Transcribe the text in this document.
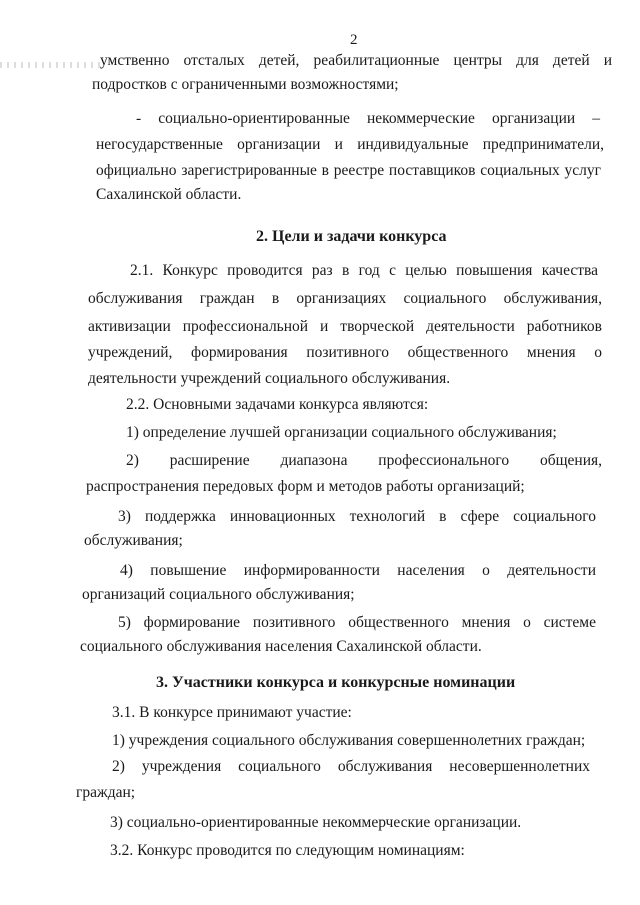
2
умственно отсталых детей, реабилитационные центры для детей и
подростков с ограниченными возможностями;
- социально-ориентированные некоммерческие организации –
негосударственные организации и индивидуальные предприниматели,
официально зарегистрированные в реестре поставщиков социальных услуг
Сахалинской области.
2. Цели и задачи конкурса
2.1. Конкурс проводится раз в год с целью повышения качества
обслуживания граждан в организациях социального обслуживания,
активизации профессиональной и творческой деятельности работников
учреждений, формирования позитивного общественного мнения о
деятельности учреждений социального обслуживания.
2.2. Основными задачами конкурса являются:
1) определение лучшей организации социального обслуживания;
2) расширение диапазона профессионального общения,
распространения передовых форм и методов работы организаций;
3) поддержка инновационных технологий в сфере социального
обслуживания;
4) повышение информированности населения о деятельности
организаций социального обслуживания;
5) формирование позитивного общественного мнения о системе
социального обслуживания населения Сахалинской области.
3. Участники конкурса и конкурсные номинации
3.1. В конкурсе принимают участие:
1) учреждения социального обслуживания совершеннолетних граждан;
2) учреждения социального обслуживания несовершеннолетних
граждан;
3) социально-ориентированные некоммерческие организации.
3.2. Конкурс проводится по следующим номинациям:
